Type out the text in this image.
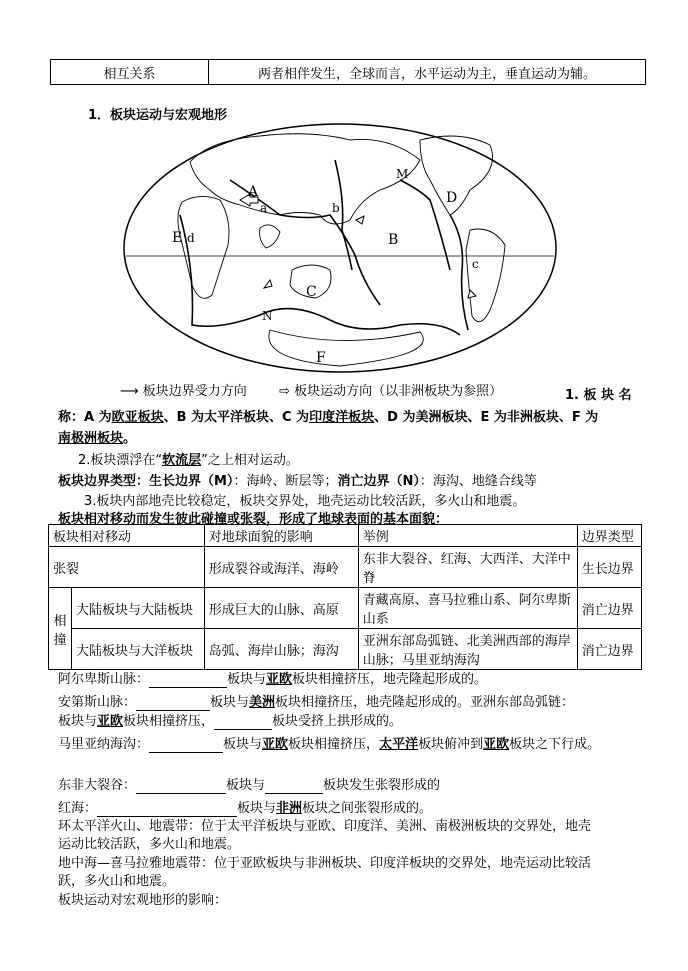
相互关系	两者相伴发生，全球而言，水平运动为主，垂直运动为辅。
1．板块运动与宏观地形
A
a	b
B
C
D
E d
c
M
N
F
⟶ 板块边界受力方向 ⇨ 板块运动方向（以非洲板块为参照）	1. 板 块 名
称：A 为欧亚板块、B 为太平洋板块、C 为印度洋板块、D 为美洲板块、E 为非洲板块、F 为
南极洲板块。
2.板块漂浮在“软流层”之上相对运动。
板块边界类型：生长边界（M）：海岭、断层等；消亡边界（N）：海沟、地缝合线等
3.板块内部地壳比较稳定，板块交界处，地壳运动比较活跃，多火山和地震。
板块相对移动而发生彼此碰撞或张裂，形成了地球表面的基本面貌：
板块相对移动		对地球面貌的影响	举例	边界类型
张裂		形成裂谷或海洋、海岭	东非大裂谷、红海、大西洋、大洋中脊	生长边界
相撞	大陆板块与大陆板块	形成巨大的山脉、高原	青藏高原、喜马拉雅山系、阿尔卑斯山系	消亡边界
	大陆板块与大洋板块	岛弧、海岸山脉；海沟	亚洲东部岛弧链、北美洲西部的海岸山脉；马里亚纳海沟	消亡边界
阿尔卑斯山脉：	板块与亚欧板块相撞挤压，地壳隆起形成的。
安第斯山脉：	板块与美洲板块相撞挤压，地壳隆起形成的。亚洲东部岛弧链：
板块与亚欧板块相撞挤压，	板块受挤上拱形成的。
马里亚纳海沟：	板块与亚欧板块相撞挤压，太平洋板块俯冲到亚欧板块之下行成。
东非大裂谷：	板块与	板块发生张裂形成的
红海：	板块与非洲板块之间张裂形成的。
环太平洋火山、地震带：位于太平洋板块与亚欧、印度洋、美洲、南极洲板块的交界处，地壳
运动比较活跃，多火山和地震。
地中海—喜马拉雅地震带：位于亚欧板块与非洲板块、印度洋板块的交界处，地壳运动比较活
跃，多火山和地震。
板块运动对宏观地形的影响：
